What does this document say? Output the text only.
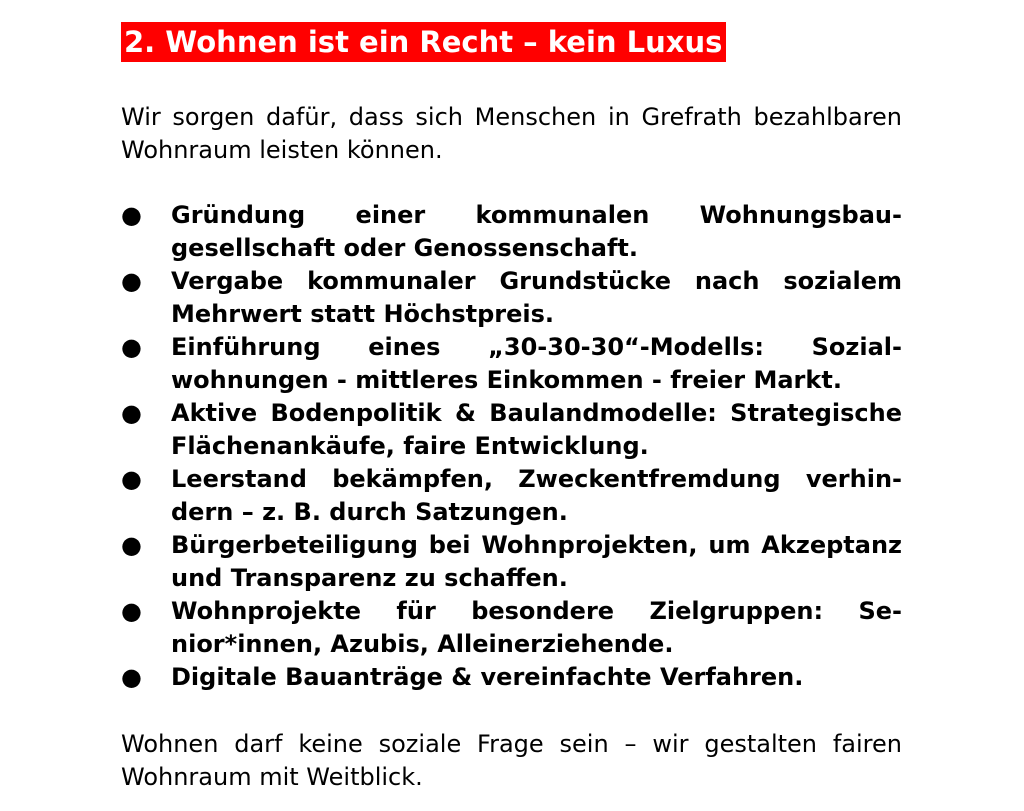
2. Wohnen ist ein Recht – kein Luxus

Wir sorgen dafür, dass sich Menschen in Grefrath bezahlbaren Wohnraum leisten können.

●	Gründung einer kommunalen Wohnungsbaugesellschaft oder Genossenschaft.
●	Vergabe kommunaler Grundstücke nach sozialem Mehrwert statt Höchstpreis.
●	Einführung eines „30-30-30“-Modells: Sozialwohnungen - mittleres Einkommen - freier Markt.
●	Aktive Bodenpolitik & Baulandmodelle: Strategische Flächenankäufe, faire Entwicklung.
●	Leerstand bekämpfen, Zweckentfremdung verhindern – z. B. durch Satzungen.
●	Bürgerbeteiligung bei Wohnprojekten, um Akzeptanz und Transparenz zu schaffen.
●	Wohnprojekte für besondere Zielgruppen: Senior*innen, Azubis, Alleinerziehende.
●	Digitale Bauanträge & vereinfachte Verfahren.

Wohnen darf keine soziale Frage sein – wir gestalten fairen Wohnraum mit Weitblick.
